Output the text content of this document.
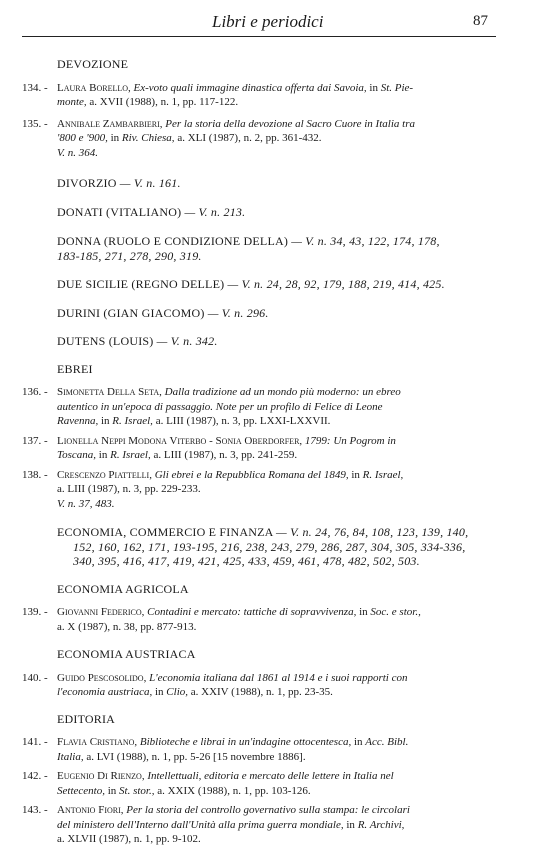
Libri e periodici	87
DEVOZIONE
134. - Laura Borello, Ex-voto quali immagine dinastica offerta dai Savoia, in St. Pie-
monte, a. XVII (1988), n. 1, pp. 117-122.
135. - Annibale Zambarbieri, Per la storia della devozione al Sacro Cuore in Italia tra
'800 e '900, in Riv. Chiesa, a. XLI (1987), n. 2, pp. 361-432.
V. n. 364.
DIVORZIO — V. n. 161.
DONATI (VITALIANO) — V. n. 213.
DONNA (RUOLO E CONDIZIONE DELLA) — V. n. 34, 43, 122, 174, 178,
183-185, 271, 278, 290, 319.
DUE SICILIE (REGNO DELLE) — V. n. 24, 28, 92, 179, 188, 219, 414, 425.
DURINI (GIAN GIACOMO) — V. n. 296.
DUTENS (LOUIS) — V. n. 342.
EBREI
136. - Simonetta Della Seta, Dalla tradizione ad un mondo più moderno: un ebreo
autentico in un'epoca di passaggio. Note per un profilo di Felice di Leone
Ravenna, in R. Israel, a. LIII (1987), n. 3, pp. LXXI-LXXVII.
137. - Lionella Neppi Modona Viterbo - Sonia Oberdorfer, 1799: Un Pogrom in
Toscana, in R. Israel, a. LIII (1987), n. 3, pp. 241-259.
138. - Crescenzo Piattelli, Gli ebrei e la Repubblica Romana del 1849, in R. Israel,
a. LIII (1987), n. 3, pp. 229-233.
V. n. 37, 483.
ECONOMIA, COMMERCIO E FINANZA — V. n. 24, 76, 84, 108, 123, 139, 140,
152, 160, 162, 171, 193-195, 216, 238, 243, 279, 286, 287, 304, 305, 334-336,
340, 395, 416, 417, 419, 421, 425, 433, 459, 461, 478, 482, 502, 503.
ECONOMIA AGRICOLA
139. - Giovanni Federico, Contadini e mercato: tattiche di sopravvivenza, in Soc. e stor.,
a. X (1987), n. 38, pp. 877-913.
ECONOMIA AUSTRIACA
140. - Guido Pescosolido, L'economia italiana dal 1861 al 1914 e i suoi rapporti con
l'economia austriaca, in Clio, a. XXIV (1988), n. 1, pp. 23-35.
EDITORIA
141. - Flavia Cristiano, Biblioteche e librai in un'indagine ottocentesca, in Acc. Bibl.
Italia, a. LVI (1988), n. 1, pp. 5-26 [15 novembre 1886].
142. - Eugenio Di Rienzo, Intellettuali, editoria e mercato delle lettere in Italia nel
Settecento, in St. stor., a. XXIX (1988), n. 1, pp. 103-126.
143. - Antonio Fiori, Per la storia del controllo governativo sulla stampa: le circolari
del ministero dell'Interno dall'Unità alla prima guerra mondiale, in R. Archivi,
a. XLVII (1987), n. 1, pp. 9-102.
